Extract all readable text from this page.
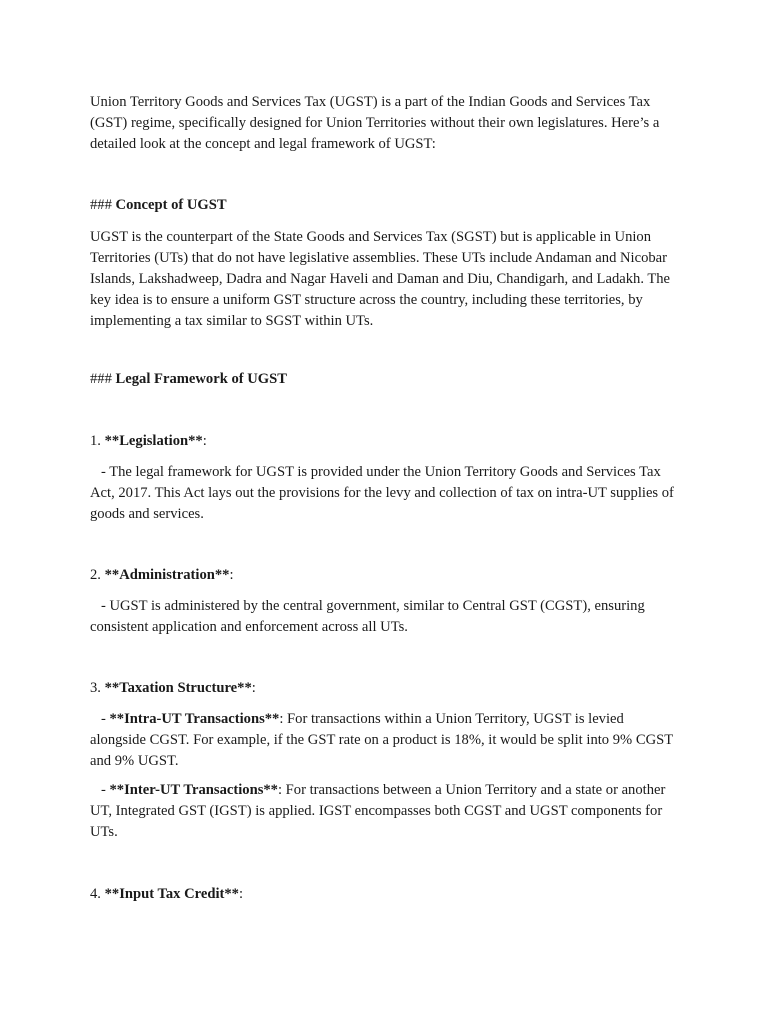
Union Territory Goods and Services Tax (UGST) is a part of the Indian Goods and Services Tax (GST) regime, specifically designed for Union Territories without their own legislatures. Here’s a detailed look at the concept and legal framework of UGST:

### Concept of UGST

UGST is the counterpart of the State Goods and Services Tax (SGST) but is applicable in Union Territories (UTs) that do not have legislative assemblies. These UTs include Andaman and Nicobar Islands, Lakshadweep, Dadra and Nagar Haveli and Daman and Diu, Chandigarh, and Ladakh. The key idea is to ensure a uniform GST structure across the country, including these territories, by implementing a tax similar to SGST within UTs.

### Legal Framework of UGST

1. **Legislation**:

- The legal framework for UGST is provided under the Union Territory Goods and Services Tax Act, 2017. This Act lays out the provisions for the levy and collection of tax on intra-UT supplies of goods and services.

2. **Administration**:

- UGST is administered by the central government, similar to Central GST (CGST), ensuring consistent application and enforcement across all UTs.

3. **Taxation Structure**:

- **Intra-UT Transactions**: For transactions within a Union Territory, UGST is levied alongside CGST. For example, if the GST rate on a product is 18%, it would be split into 9% CGST and 9% UGST.

- **Inter-UT Transactions**: For transactions between a Union Territory and a state or another UT, Integrated GST (IGST) is applied. IGST encompasses both CGST and UGST components for UTs.

4. **Input Tax Credit**:
